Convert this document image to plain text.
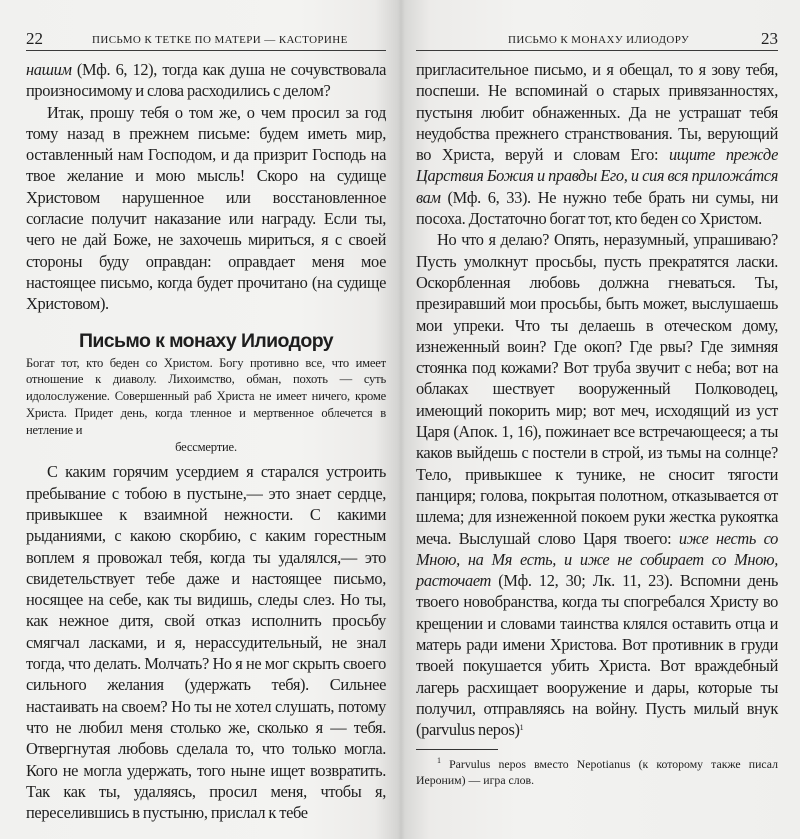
22	ПИСЬМО К ТЕТКЕ ПО МАТЕРИ — КАСТОРИНЕ

нашим (Мф. 6, 12), тогда как душа не сочувствовала произносимому и слова расходились с делом?

Итак, прошу тебя о том же, о чем просил за год тому назад в прежнем письме: будем иметь мир, оставленный нам Господом, и да призрит Господь на твое желание и мою мысль! Скоро на судище Христовом нарушенное или восстановленное согласие получит наказание или награду. Если ты, чего не дай Боже, не захочешь мириться, я с своей стороны буду оправдан: оправдает меня мое настоящее письмо, когда будет прочитано (на судище Христовом).

Письмо к монаху Илиодору

Богат тот, кто беден со Христом. Богу противно все, что имеет отношение к диаволу. Лихоимство, обман, похоть — суть идолослужение. Совершенный раб Христа не имеет ничего, кроме Христа. Придет день, когда тленное и мертвенное облечется в нетление и

бессмертие.

С каким горячим усердием я старался устроить пребывание с тобою в пустыне,— это знает сердце, привыкшее к взаимной нежности. С какими рыданиями, с какою скорбию, с каким горестным воплем я провожал тебя, когда ты удалялся,— это свидетельствует тебе даже и настоящее письмо, носящее на себе, как ты видишь, следы слез. Но ты, как нежное дитя, свой отказ исполнить просьбу смягчал ласками, и я, нерассудительный, не знал тогда, что делать. Молчать? Но я не мог скрыть своего сильного желания (удержать тебя). Сильнее настаивать на своем? Но ты не хотел слушать, потому что не любил меня столько же, сколько я — тебя. Отвергнутая любовь сделала то, что только могла. Кого не могла удержать, того ныне ищет возвратить. Так как ты, удаляясь, просил меня, чтобы я, переселившись в пустыню, прислал к тебе

ПИСЬМО К МОНАХУ ИЛИОДОРУ	23

пригласительное письмо, и я обещал, то я зову тебя, поспеши. Не вспоминай о старых привязанностях, пустыня любит обнаженных. Да не устрашат тебя неудобства прежнего странствования. Ты, верующий во Христа, веруй и словам Его: ищите прежде Царствия Божия и правды Его, и сия вся приложáтся вам (Мф. 6, 33). Не нужно тебе брать ни сумы, ни посоха. Достаточно богат тот, кто беден со Христом.

Но что я делаю? Опять, неразумный, упрашиваю? Пусть умолкнут просьбы, пусть прекратятся ласки. Оскорбленная любовь должна гневаться. Ты, презиравший мои просьбы, быть может, выслушаешь мои упреки. Что ты делаешь в отеческом дому, изнеженный воин? Где окоп? Где рвы? Где зимняя стоянка под кожами? Вот труба звучит с неба; вот на облаках шествует вооруженный Полководец, имеющий покорить мир; вот меч, исходящий из уст Царя (Апок. 1, 16), пожинает все встречающееся; а ты каков выйдешь с постели в строй, из тьмы на солнце? Тело, привыкшее к тунике, не сносит тягости панциря; голова, покрытая полотном, отказывается от шлема; для изнеженной покоем руки жестка рукоятка меча. Выслушай слово Царя твоего: иже несть со Мною, на Мя есть, и иже не собирает со Мною, расточает (Мф. 12, 30; Лк. 11, 23). Вспомни день твоего новобранства, когда ты спогребался Христу во крещении и словами таинства клялся оставить отца и матерь ради имени Христова. Вот противник в груди твоей покушается убить Христа. Вот враждебный лагерь расхищает вооружение и дары, которые ты получил, отправляясь на войну. Пусть милый внук (parvulus nepos)$^1$

$^1$ Parvulus nepos вместо Nepotianus (к которому также писал Иероним) — игра слов.
